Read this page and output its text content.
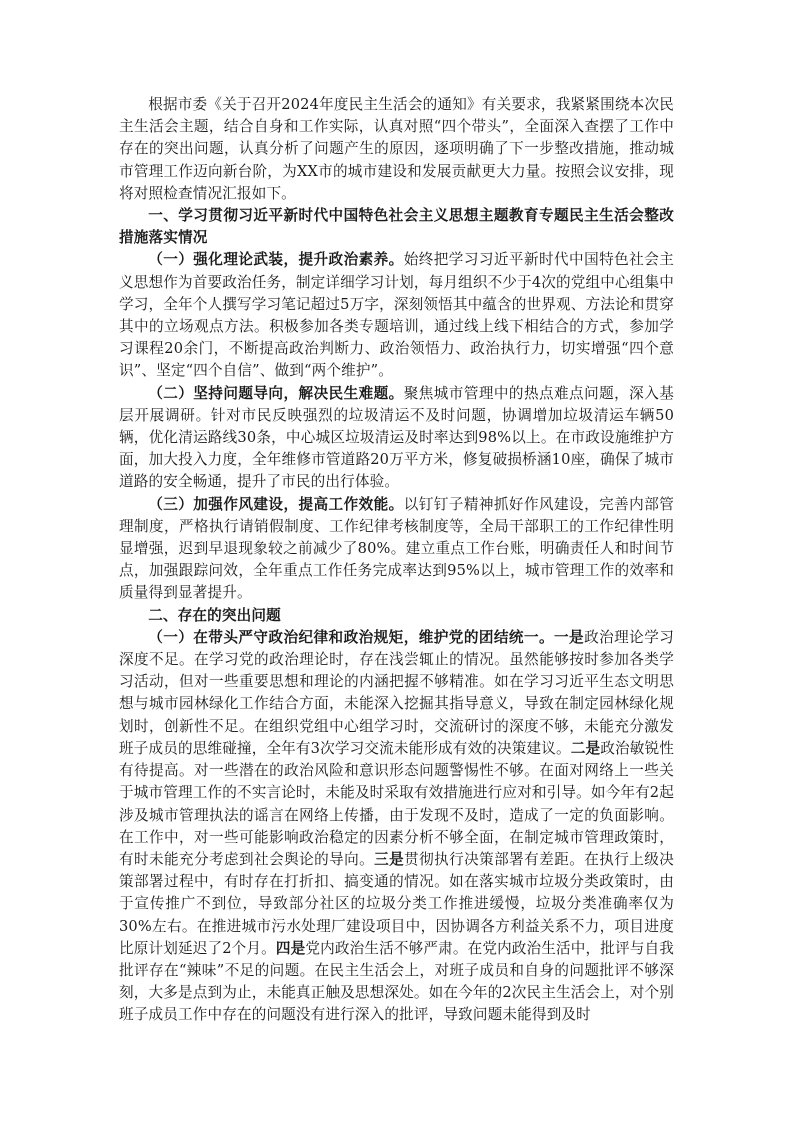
根据市委《关于召开2024年度民主生活会的通知》有关要求，我紧紧围绕本次民主生活会主题，结合自身和工作实际，认真对照“四个带头”，全面深入查摆了工作中存在的突出问题，认真分析了问题产生的原因，逐项明确了下一步整改措施，推动城市管理工作迈向新台阶，为XX市的城市建设和发展贡献更大力量。按照会议安排，现将对照检查情况汇报如下。

一、学习贯彻习近平新时代中国特色社会主义思想主题教育专题民主生活会整改措施落实情况

（一）强化理论武装，提升政治素养。始终把学习习近平新时代中国特色社会主义思想作为首要政治任务，制定详细学习计划，每月组织不少于4次的党组中心组集中学习，全年个人撰写学习笔记超过5万字，深刻领悟其中蕴含的世界观、方法论和贯穿其中的立场观点方法。积极参加各类专题培训，通过线上线下相结合的方式，参加学习课程20余门，不断提高政治判断力、政治领悟力、政治执行力，切实增强“四个意识”、坚定“四个自信”、做到“两个维护”。

（二）坚持问题导向，解决民生难题。聚焦城市管理中的热点难点问题，深入基层开展调研。针对市民反映强烈的垃圾清运不及时问题，协调增加垃圾清运车辆50辆，优化清运路线30条，中心城区垃圾清运及时率达到98%以上。在市政设施维护方面，加大投入力度，全年维修市管道路20万平方米，修复破损桥涵10座，确保了城市道路的安全畅通，提升了市民的出行体验。

（三）加强作风建设，提高工作效能。以钉钉子精神抓好作风建设，完善内部管理制度，严格执行请销假制度、工作纪律考核制度等，全局干部职工的工作纪律性明显增强，迟到早退现象较之前减少了80%。建立重点工作台账，明确责任人和时间节点，加强跟踪问效，全年重点工作任务完成率达到95%以上，城市管理工作的效率和质量得到显著提升。

二、存在的突出问题

（一）在带头严守政治纪律和政治规矩，维护党的团结统一。一是政治理论学习深度不足。在学习党的政治理论时，存在浅尝辄止的情况。虽然能够按时参加各类学习活动，但对一些重要思想和理论的内涵把握不够精准。如在学习习近平生态文明思想与城市园林绿化工作结合方面，未能深入挖掘其指导意义，导致在制定园林绿化规划时，创新性不足。在组织党组中心组学习时，交流研讨的深度不够，未能充分激发班子成员的思维碰撞，全年有3次学习交流未能形成有效的决策建议。二是政治敏锐性有待提高。对一些潜在的政治风险和意识形态问题警惕性不够。在面对网络上一些关于城市管理工作的不实言论时，未能及时采取有效措施进行应对和引导。如今年有2起涉及城市管理执法的谣言在网络上传播，由于发现不及时，造成了一定的负面影响。在工作中，对一些可能影响政治稳定的因素分析不够全面，在制定城市管理政策时，有时未能充分考虑到社会舆论的导向。三是贯彻执行决策部署有差距。在执行上级决策部署过程中，有时存在打折扣、搞变通的情况。如在落实城市垃圾分类政策时，由于宣传推广不到位，导致部分社区的垃圾分类工作推进缓慢，垃圾分类准确率仅为30%左右。在推进城市污水处理厂建设项目中，因协调各方利益关系不力，项目进度比原计划延迟了2个月。四是党内政治生活不够严肃。在党内政治生活中，批评与自我批评存在“辣味”不足的问题。在民主生活会上，对班子成员和自身的问题批评不够深刻，大多是点到为止，未能真正触及思想深处。如在今年的2次民主生活会上，对个别班子成员工作中存在的问题没有进行深入的批评，导致问题未能得到及时
